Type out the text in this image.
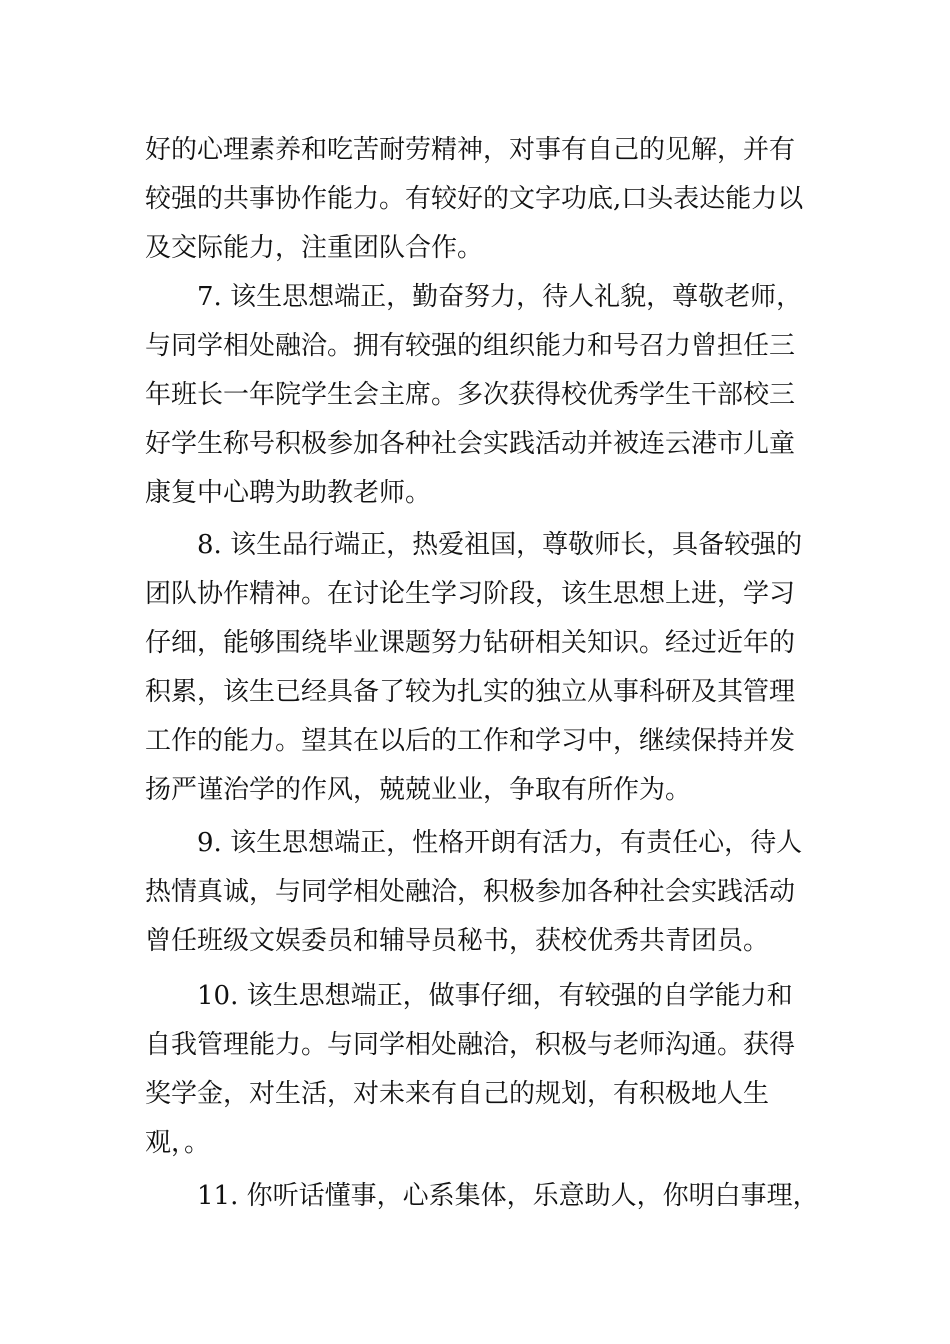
好的心理素养和吃苦耐劳精神，对事有自己的见解，并有

较强的共事协作能力。有较好的文字功底,口头表达能力以

及交际能力，注重团队合作。

7. 该生思想端正，勤奋努力，待人礼貌，尊敬老师，

与同学相处融洽。拥有较强的组织能力和号召力曾担任三

年班长一年院学生会主席。多次获得校优秀学生干部校三

好学生称号积极参加各种社会实践活动并被连云港市儿童

康复中心聘为助教老师。

8. 该生品行端正，热爱祖国，尊敬师长，具备较强的

团队协作精神。在讨论生学习阶段，该生思想上进，学习

仔细，能够围绕毕业课题努力钻研相关知识。经过近年的

积累，该生已经具备了较为扎实的独立从事科研及其管理

工作的能力。望其在以后的工作和学习中，继续保持并发

扬严谨治学的作风，兢兢业业，争取有所作为。

9. 该生思想端正，性格开朗有活力，有责任心，待人

热情真诚，与同学相处融洽，积极参加各种社会实践活动

曾任班级文娱委员和辅导员秘书，获校优秀共青团员。

10. 该生思想端正，做事仔细，有较强的自学能力和

自我管理能力。与同学相处融洽，积极与老师沟通。获得

奖学金，对生活，对未来有自己的规划，有积极地人生

观，。

11. 你听话懂事，心系集体，乐意助人，你明白事理，
